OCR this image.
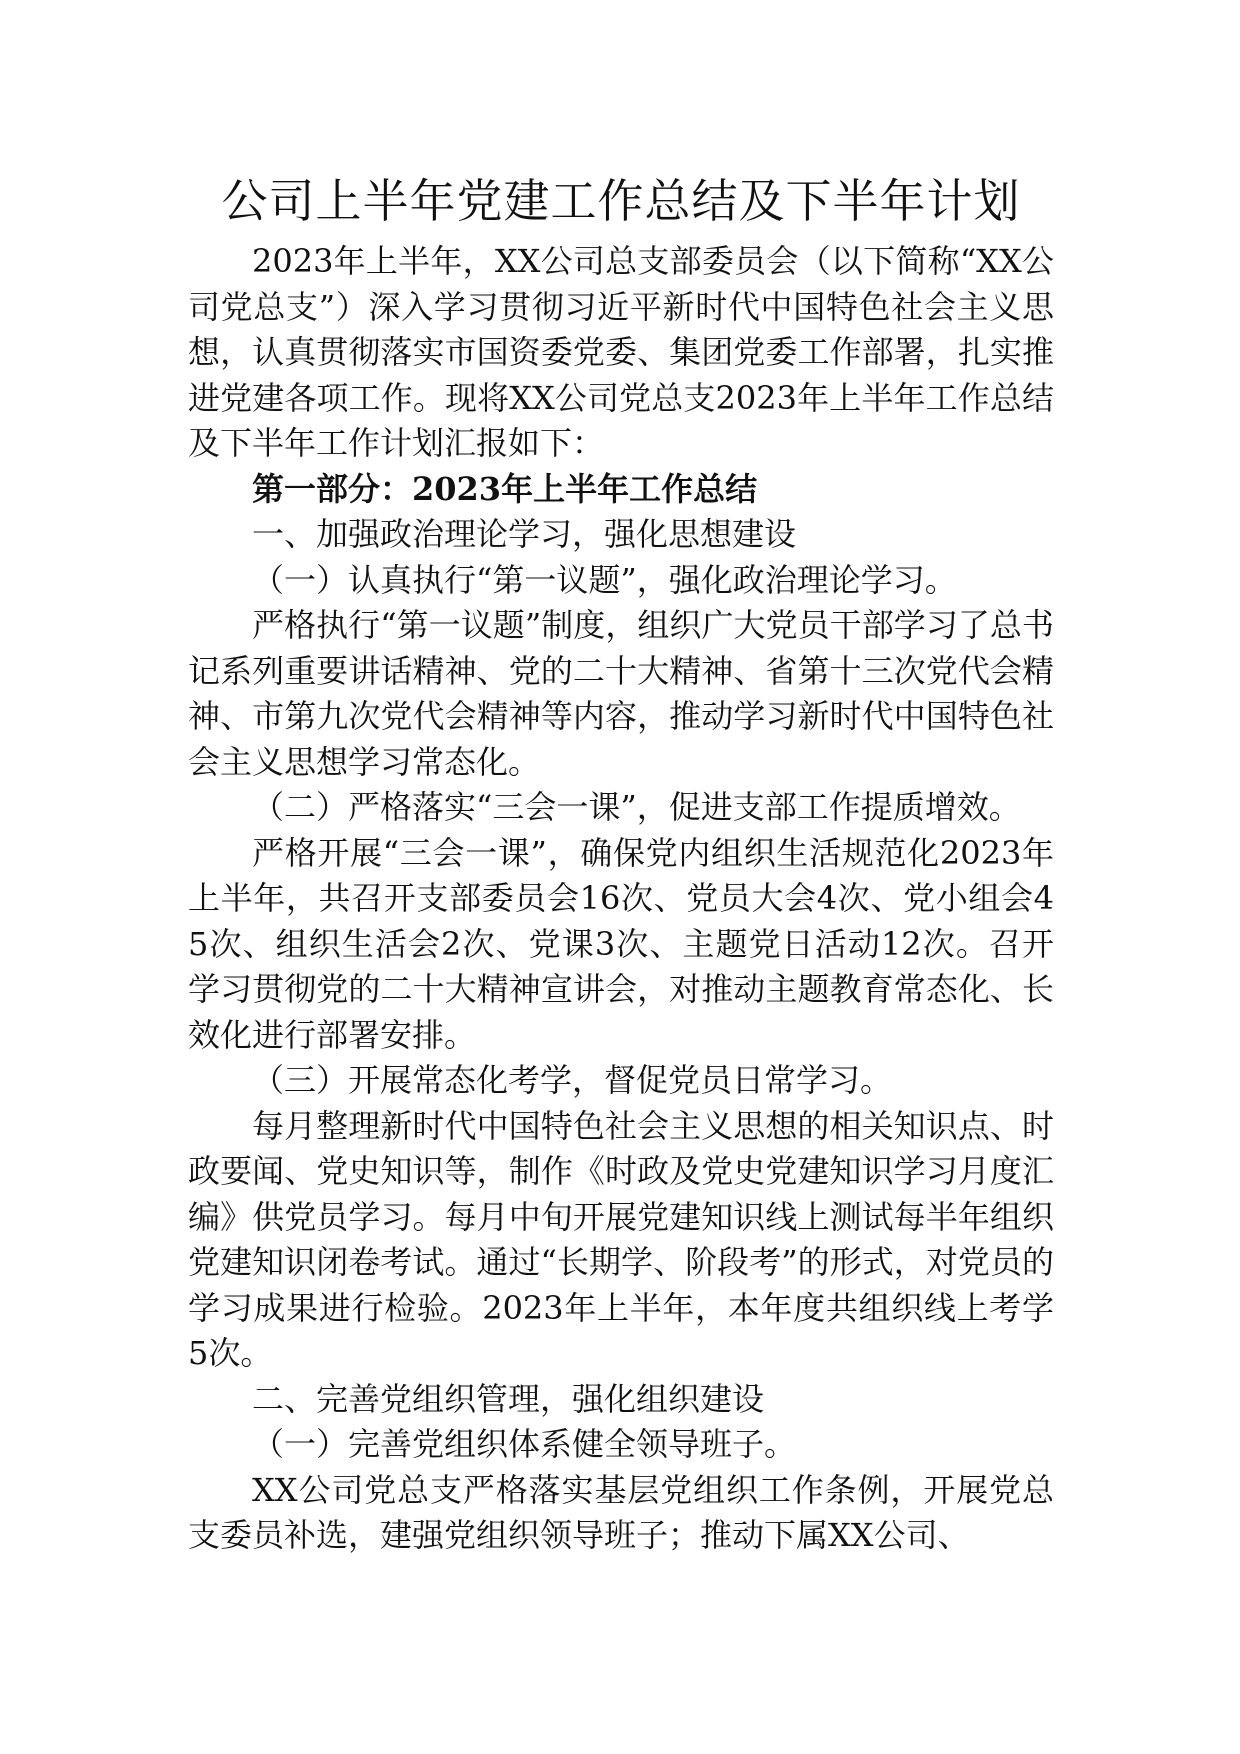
公司上半年党建工作总结及下半年计划

2023年上半年，XX公司总支部委员会（以下简称“XX公司党总支”）深入学习贯彻习近平新时代中国特色社会主义思想，认真贯彻落实市国资委党委、集团党委工作部署，扎实推进党建各项工作。现将XX公司党总支2023年上半年工作总结及下半年工作计划汇报如下：

第一部分：2023年上半年工作总结

一、加强政治理论学习，强化思想建设

（一）认真执行“第一议题”，强化政治理论学习。

严格执行“第一议题”制度，组织广大党员干部学习了总书记系列重要讲话精神、党的二十大精神、省第十三次党代会精神、市第九次党代会精神等内容，推动学习新时代中国特色社会主义思想学习常态化。

（二）严格落实“三会一课”，促进支部工作提质增效。

严格开展“三会一课”，确保党内组织生活规范化2023年上半年，共召开支部委员会16次、党员大会4次、党小组会45次、组织生活会2次、党课3次、主题党日活动12次。召开学习贯彻党的二十大精神宣讲会，对推动主题教育常态化、长效化进行部署安排。

（三）开展常态化考学，督促党员日常学习。

每月整理新时代中国特色社会主义思想的相关知识点、时政要闻、党史知识等，制作《时政及党史党建知识学习月度汇编》供党员学习。每月中旬开展党建知识线上测试每半年组织党建知识闭卷考试。通过“长期学、阶段考”的形式，对党员的学习成果进行检验。2023年上半年，本年度共组织线上考学5次。

二、完善党组织管理，强化组织建设

（一）完善党组织体系健全领导班子。

XX公司党总支严格落实基层党组织工作条例，开展党总支委员补选，建强党组织领导班子；推动下属XX公司、
